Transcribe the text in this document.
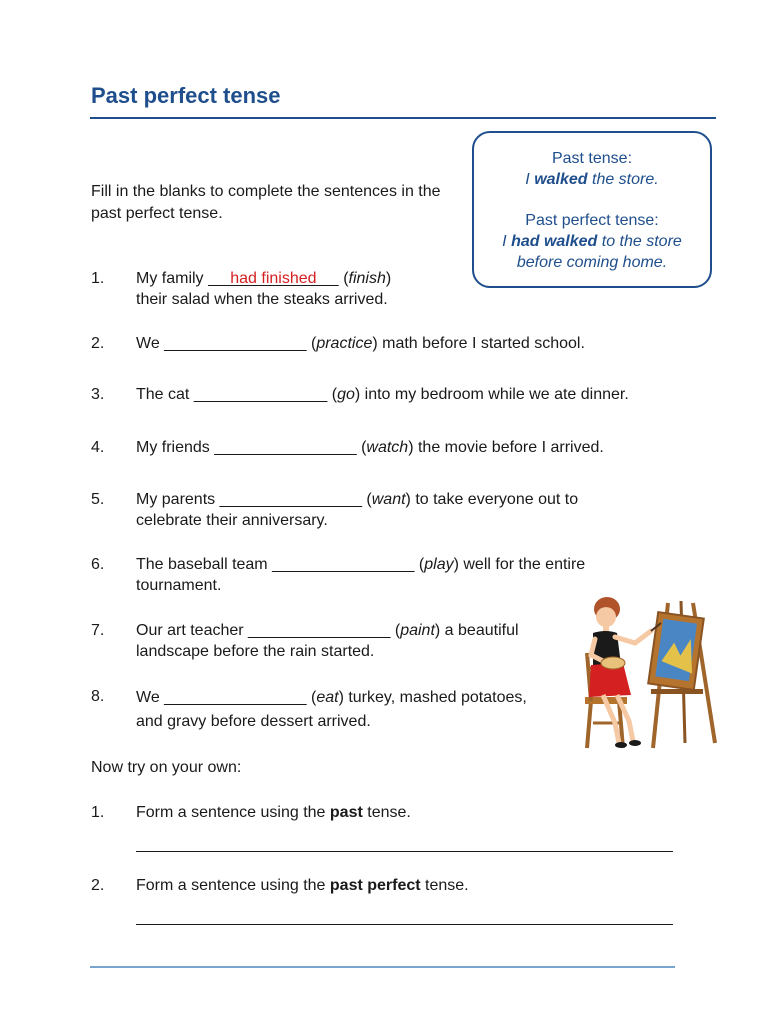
Past perfect tense
Past tense:
I walked the store.
Past perfect tense:
I had walked to the store
before coming home.
Fill in the blanks to complete the sentences in the past perfect tense.
1.	My family      had finished      (finish)
their salad when the steaks arrived.
2.	We ________________ (practice) math before I started school.
3.	The cat _______________ (go) into my bedroom while we ate dinner.
4.	My friends ________________ (watch) the movie before I arrived.
5.	My parents ________________ (want) to take everyone out to
celebrate their anniversary.
6.	The baseball team ________________ (play) well for the entire
tournament.
7.	Our art teacher ________________ (paint) a beautiful
landscape before the rain started.
8.	We ________________ (eat) turkey, mashed potatoes,
and gravy before dessert arrived.
Now try on your own:
1.	Form a sentence using the past tense.
2.	Form a sentence using the past perfect tense.
